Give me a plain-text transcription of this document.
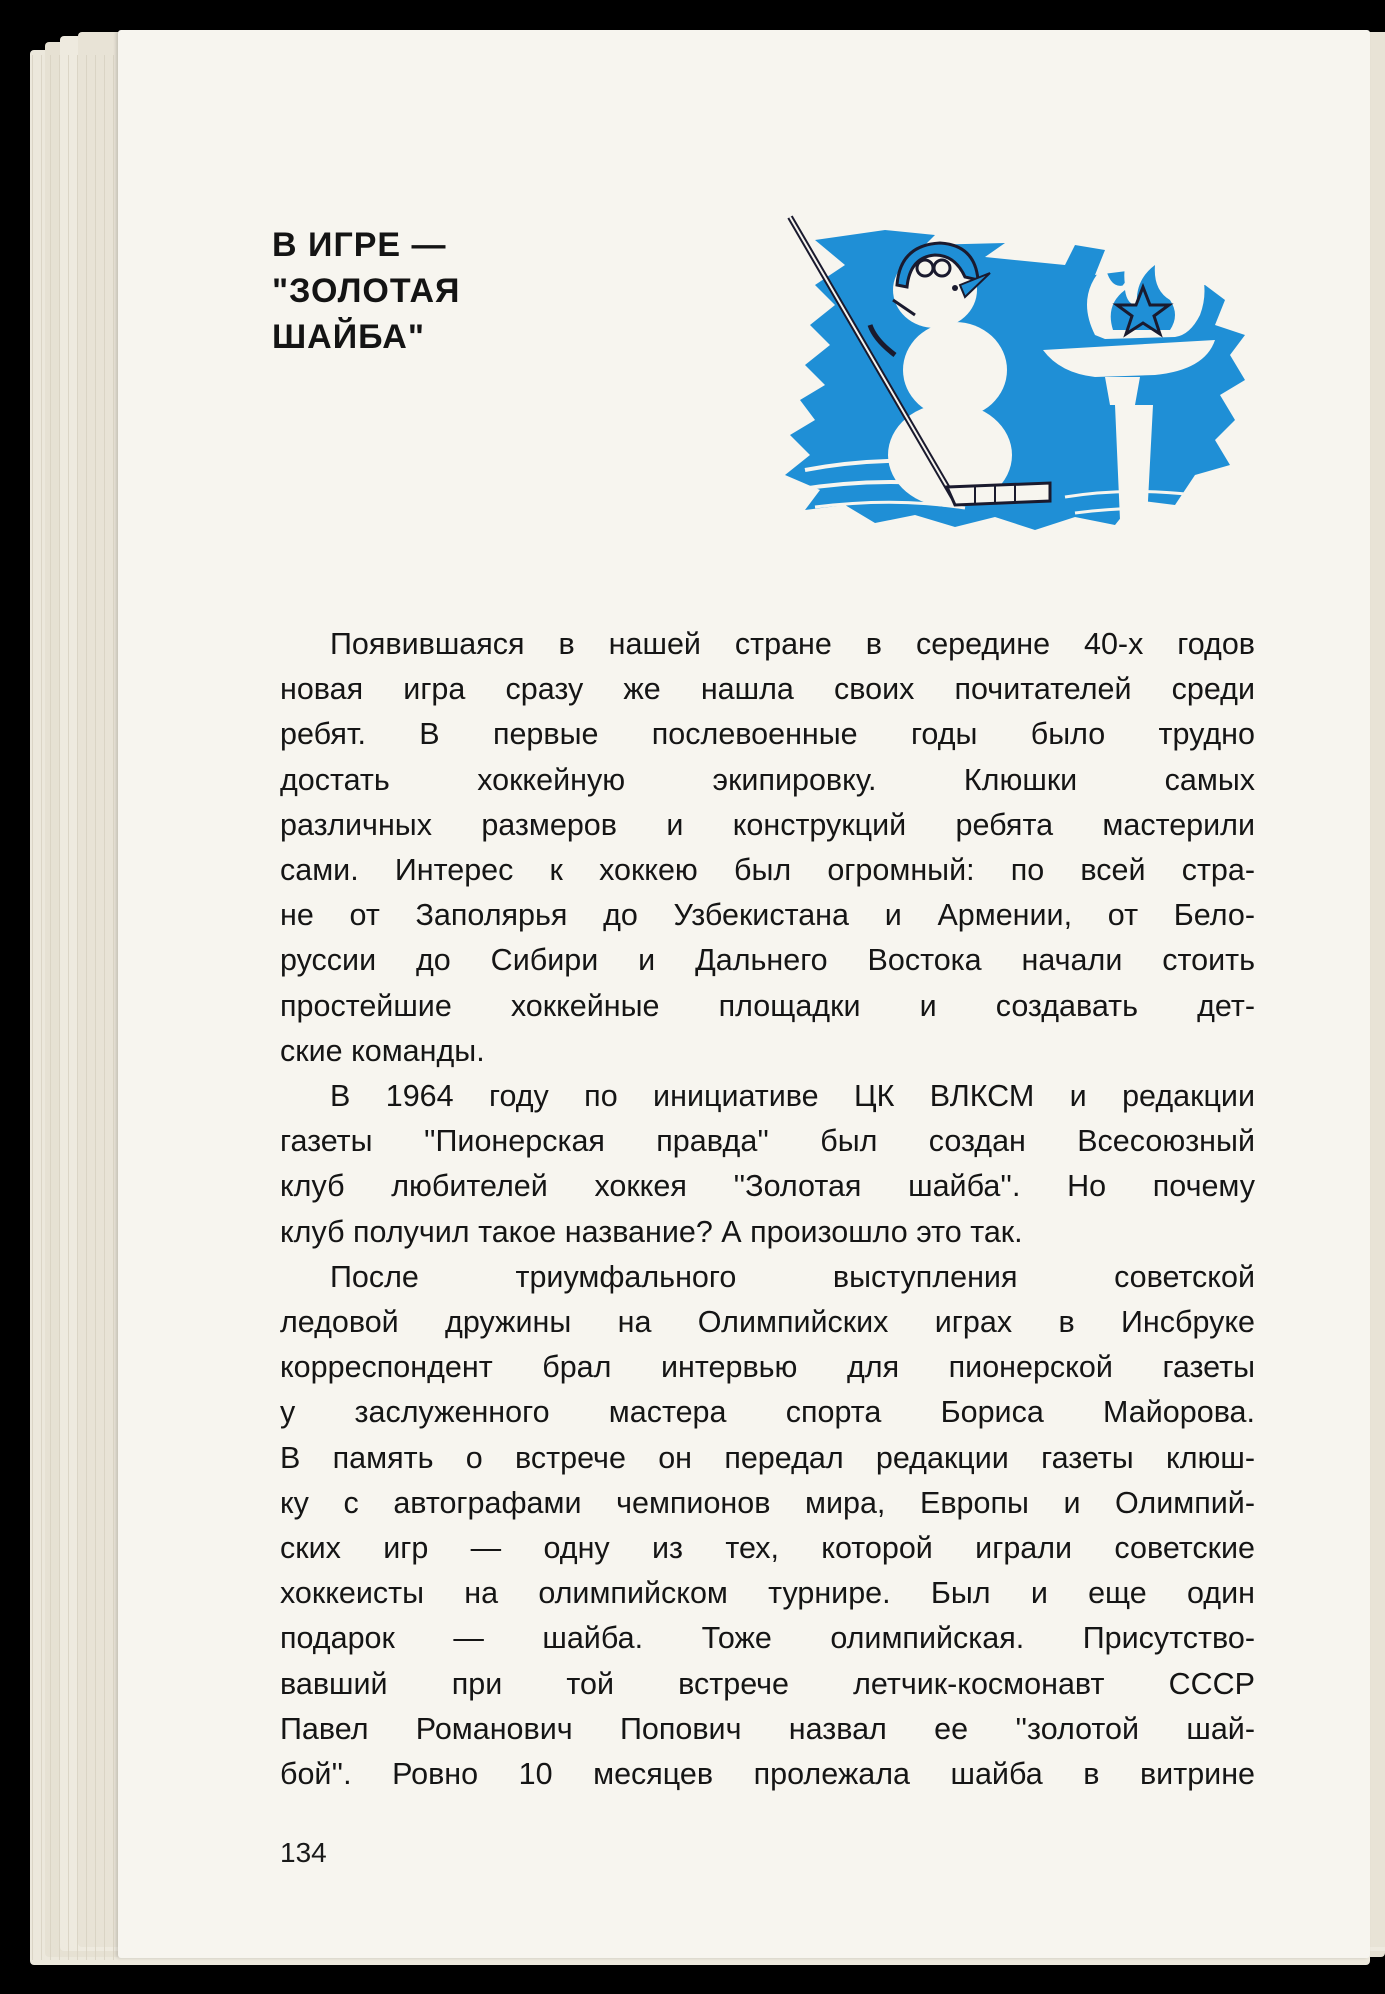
В ИГРЕ —
"ЗОЛОТАЯ
ШАЙБА"
Появившаяся в нашей стране в середине 40-х годов
новая игра сразу же нашла своих почитателей среди
ребят. В первые послевоенные годы было трудно
достать хоккейную экипировку. Клюшки самых
различных размеров и конструкций ребята мастерили
сами. Интерес к хоккею был огромный: по всей стра-
не от Заполярья до Узбекистана и Армении, от Бело-
руссии до Сибири и Дальнего Востока начали стоить
простейшие хоккейные площадки и создавать дет-
ские команды.
В 1964 году по инициативе ЦК ВЛКСМ и редакции
газеты ''Пионерская правда'' был создан Всесоюзный
клуб любителей хоккея ''Золотая шайба''. Но почему
клуб получил такое название? А произошло это так.
После триумфального выступления советской
ледовой дружины на Олимпийских играх в Инсбруке
корреспондент брал интервью для пионерской газеты
у заслуженного мастера спорта Бориса Майорова.
В память о встрече он передал редакции газеты клюш-
ку с автографами чемпионов мира, Европы и Олимпий-
ских игр — одну из тех, которой играли советские
хоккеисты на олимпийском турнире. Был и еще один
подарок — шайба. Тоже олимпийская. Присутство-
вавший при той встрече летчик-космонавт СССР
Павел Романович Попович назвал ее ''золотой шай-
бой''. Ровно 10 месяцев пролежала шайба в витрине
134
